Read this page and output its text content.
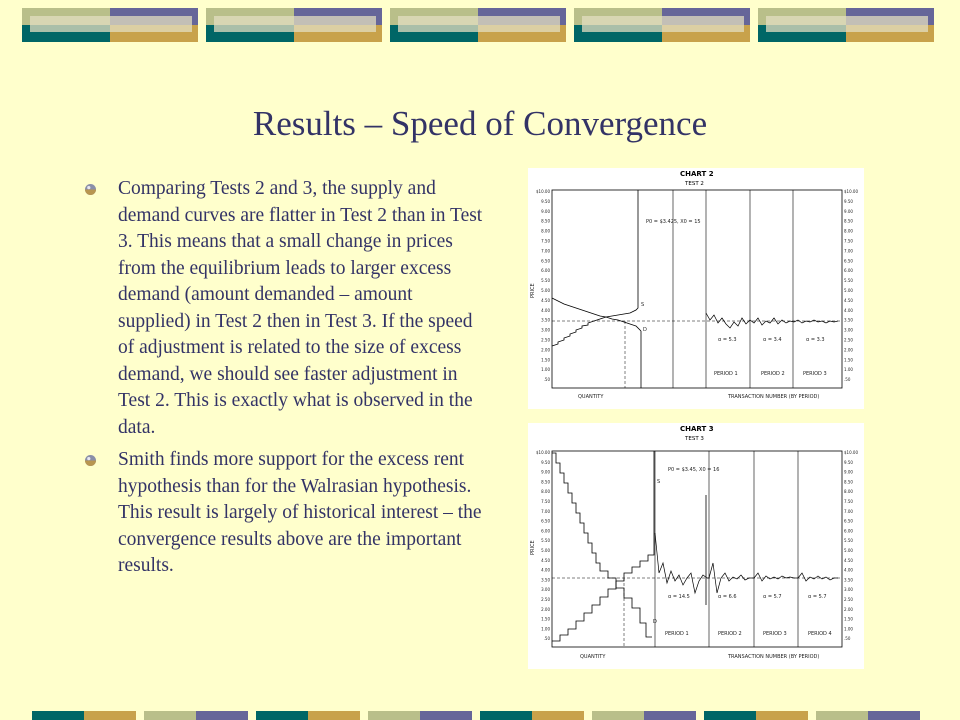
Results – Speed of Convergence
Comparing Tests 2 and 3, the supply and demand curves are flatter in Test 2 than in Test 3. This means that a small change in prices from the equilibrium leads to larger excess demand (amount demanded – amount supplied) in Test 2 then in Test 3. If the speed of adjustment is related to the size of excess demand, we should see faster adjustment in Test 2. This is exactly what is observed in the data.
Smith finds more support for the excess rent hypothesis than for the Walrasian hypothesis. This result is largely of historical interest – the convergence results above are the important results.
CHART 2
TEST 2
$10.00
9.50
9.00
8.50
8.00
7.50
7.00
6.50
6.00
5.50
5.00
4.50
4.00
3.50
3.00
2.50
2.00
1.50
1.00
.50
$10.00
9.50
9.00
8.50
8.00
7.50
7.00
6.50
6.00
5.50
5.00
4.50
4.00
3.50
3.00
2.50
2.00
1.50
1.00
.50
S
D
P0 = $3.425, X0 = 15
α = 5.3	α = 3.4	α = 3.3
PERIOD 1	PERIOD 2	PERIOD 3
QUANTITY	TRANSACTION NUMBER (BY PERIOD)
PRICE
CHART 3
TEST 3
$10.00
9.50
9.00
8.50
8.00
7.50
7.00
6.50
6.00
5.50
5.00
4.50
4.00
3.50
3.00
2.50
2.00
1.50
1.00
.50
$10.00
9.50
9.00
8.50
8.00
7.50
7.00
6.50
6.00
5.50
5.00
4.50
4.00
3.50
3.00
2.50
2.00
1.50
1.00
.50
S
D
P0 = $3.45, X0 = 16
α = 14.5	α = 6.6	α = 5.7	α = 5.7
PERIOD 1	PERIOD 2	PERIOD 3	PERIOD 4
QUANTITY	TRANSACTION NUMBER (BY PERIOD)
PRICE
